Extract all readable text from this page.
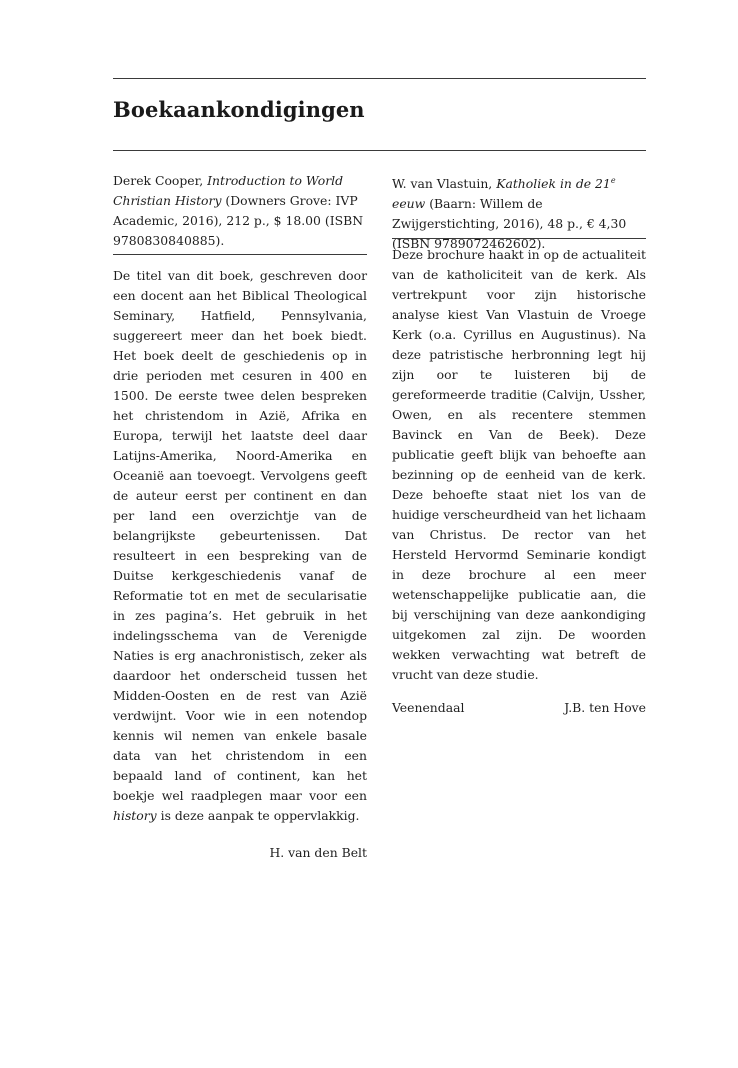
Boekaankondigingen
Derek Cooper, Introduction to World Christian History (Downers Grove: IVP Academic, 2016), 212 p., $ 18.00 (ISBN 9780830840885).

De titel van dit boek, geschreven door een docent aan het Biblical Theological Seminary, Hatfield, Pennsylvania, suggereert meer dan het boek biedt. Het boek deelt de geschiedenis op in drie perioden met cesuren in 400 en 1500. De eerste twee delen bespreken het christendom in Azië, Afrika en Europa, terwijl het laatste deel daar Latijns-Amerika, Noord-Amerika en Oceanië aan toevoegt. Vervolgens geeft de auteur eerst per continent en dan per land een overzichtje van de belangrijkste gebeurtenissen. Dat resulteert in een bespreking van de Duitse kerkgeschiedenis vanaf de Reformatie tot en met de secularisatie in zes pagina’s. Het gebruik in het indelingsschema van de Verenigde Naties is erg anachronistisch, zeker als daardoor het onderscheid tussen het Midden-Oosten en de rest van Azië verdwijnt. Voor wie in een notendop kennis wil nemen van enkele basale data van het christendom in een bepaald land of continent, kan het boekje wel raadplegen maar voor een history is deze aanpak te oppervlakkig.

H. van den Belt
W. van Vlastuin, Katholiek in de 21e eeuw (Baarn: Willem de Zwijgerstichting, 2016), 48 p., € 4,30 (ISBN 9789072462602).

Deze brochure haakt in op de actualiteit van de katholiciteit van de kerk. Als vertrekpunt voor zijn historische analyse kiest Van Vlastuin de Vroege Kerk (o.a. Cyrillus en Augustinus). Na deze patristische herbronning legt hij zijn oor te luisteren bij de gereformeerde traditie (Calvijn, Ussher, Owen, en als recentere stemmen Bavinck en Van de Beek). Deze publicatie geeft blijk van behoefte aan bezinning op de eenheid van de kerk. Deze behoefte staat niet los van de huidige verscheurdheid van het lichaam van Christus. De rector van het Hersteld Hervormd Seminarie kondigt in deze brochure al een meer wetenschappelijke publicatie aan, die bij verschijning van deze aankondiging uitgekomen zal zijn. De woorden wekken verwachting wat betreft de vrucht van deze studie.

Veenendaal	J.B. ten Hove
